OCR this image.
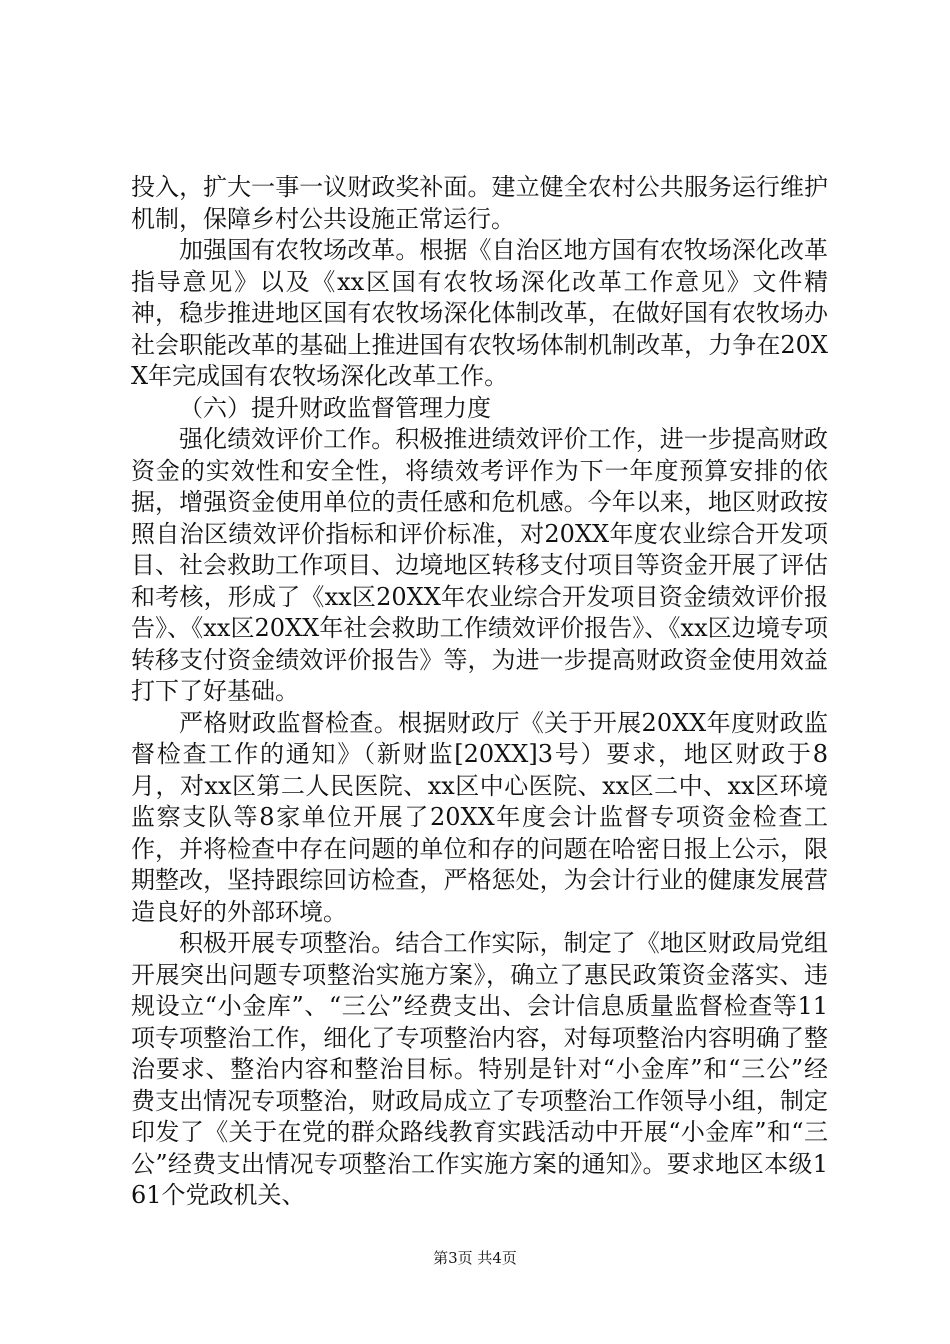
投入，扩大一事一议财政奖补面。建立健全农村公共服务运行维护机制，保障乡村公共设施正常运行。

加强国有农牧场改革。根据《自治区地方国有农牧场深化改革指导意见》以及《xx区国有农牧场深化改革工作意见》文件精神，稳步推进地区国有农牧场深化体制改革，在做好国有农牧场办社会职能改革的基础上推进国有农牧场体制机制改革，力争在20XX年完成国有农牧场深化改革工作。

（六）提升财政监督管理力度

强化绩效评价工作。积极推进绩效评价工作，进一步提高财政资金的实效性和安全性，将绩效考评作为下一年度预算安排的依据，增强资金使用单位的责任感和危机感。今年以来，地区财政按照自治区绩效评价指标和评价标准，对20XX年度农业综合开发项目、社会救助工作项目、边境地区转移支付项目等资金开展了评估和考核，形成了《xx区20XX年农业综合开发项目资金绩效评价报告》、《xx区20XX年社会救助工作绩效评价报告》、《xx区边境专项转移支付资金绩效评价报告》等，为进一步提高财政资金使用效益打下了好基础。

严格财政监督检查。根据财政厅《关于开展20XX年度财政监督检查工作的通知》（新财监[20XX]3号）要求，地区财政于8月，对xx区第二人民医院、xx区中心医院、xx区二中、xx区环境监察支队等8家单位开展了20XX年度会计监督专项资金检查工作，并将检查中存在问题的单位和存的问题在哈密日报上公示，限期整改，坚持跟综回访检查，严格惩处，为会计行业的健康发展营造良好的外部环境。

积极开展专项整治。结合工作实际，制定了《地区财政局党组开展突出问题专项整治实施方案》，确立了惠民政策资金落实、违规设立“小金库”、“三公”经费支出、会计信息质量监督检查等11项专项整治工作，细化了专项整治内容，对每项整治内容明确了整治要求、整治内容和整治目标。特别是针对“小金库”和“三公”经费支出情况专项整治，财政局成立了专项整治工作领导小组，制定印发了《关于在党的群众路线教育实践活动中开展“小金库”和“三公”经费支出情况专项整治工作实施方案的通知》。要求地区本级161个党政机关、

第3页 共4页
